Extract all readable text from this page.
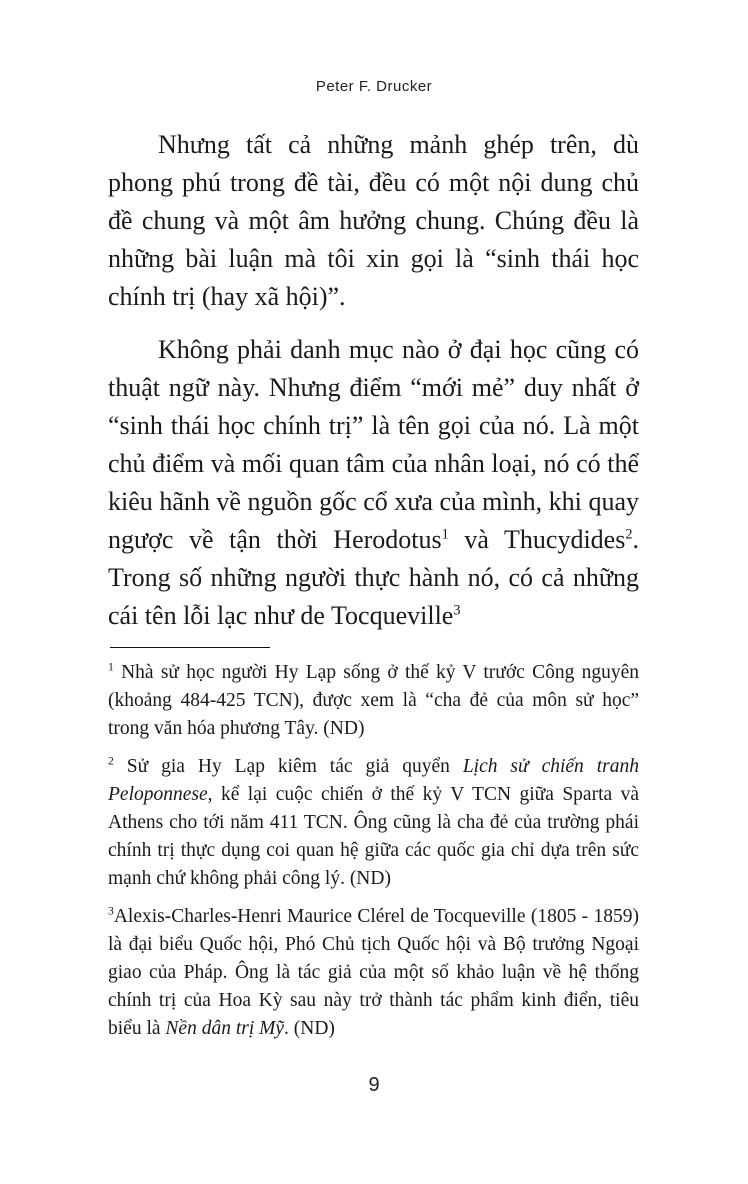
Peter F. Drucker

Nhưng tất cả những mảnh ghép trên, dù phong phú trong đề tài, đều có một nội dung chủ đề chung và một âm hưởng chung. Chúng đều là những bài luận mà tôi xin gọi là “sinh thái học chính trị (hay xã hội)”.

Không phải danh mục nào ở đại học cũng có thuật ngữ này. Nhưng điểm “mới mẻ” duy nhất ở “sinh thái học chính trị” là tên gọi của nó. Là một chủ điểm và mối quan tâm của nhân loại, nó có thể kiêu hãnh về nguồn gốc cổ xưa của mình, khi quay ngược về tận thời Herodotus$^1$ và Thucydides$^2$. Trong số những người thực hành nó, có cả những cái tên lỗi lạc như de Tocqueville$^3$

$^1$ Nhà sử học người Hy Lạp sống ở thế kỷ V trước Công nguyên (khoảng 484-425 TCN), được xem là “cha đẻ của môn sử học” trong văn hóa phương Tây. (ND)

$^2$ Sử gia Hy Lạp kiêm tác giả quyển Lịch sử chiến tranh Peloponnese, kể lại cuộc chiến ở thế kỷ V TCN giữa Sparta và Athens cho tới năm 411 TCN. Ông cũng là cha đẻ của trường phái chính trị thực dụng coi quan hệ giữa các quốc gia chỉ dựa trên sức mạnh chứ không phải công lý. (ND)

$^3$Alexis-Charles-Henri Maurice Clérel de Tocqueville (1805 - 1859) là đại biểu Quốc hội, Phó Chủ tịch Quốc hội và Bộ trưởng Ngoại giao của Pháp. Ông là tác giả của một số khảo luận về hệ thống chính trị của Hoa Kỳ sau này trở thành tác phẩm kinh điển, tiêu biểu là Nền dân trị Mỹ. (ND)

9
